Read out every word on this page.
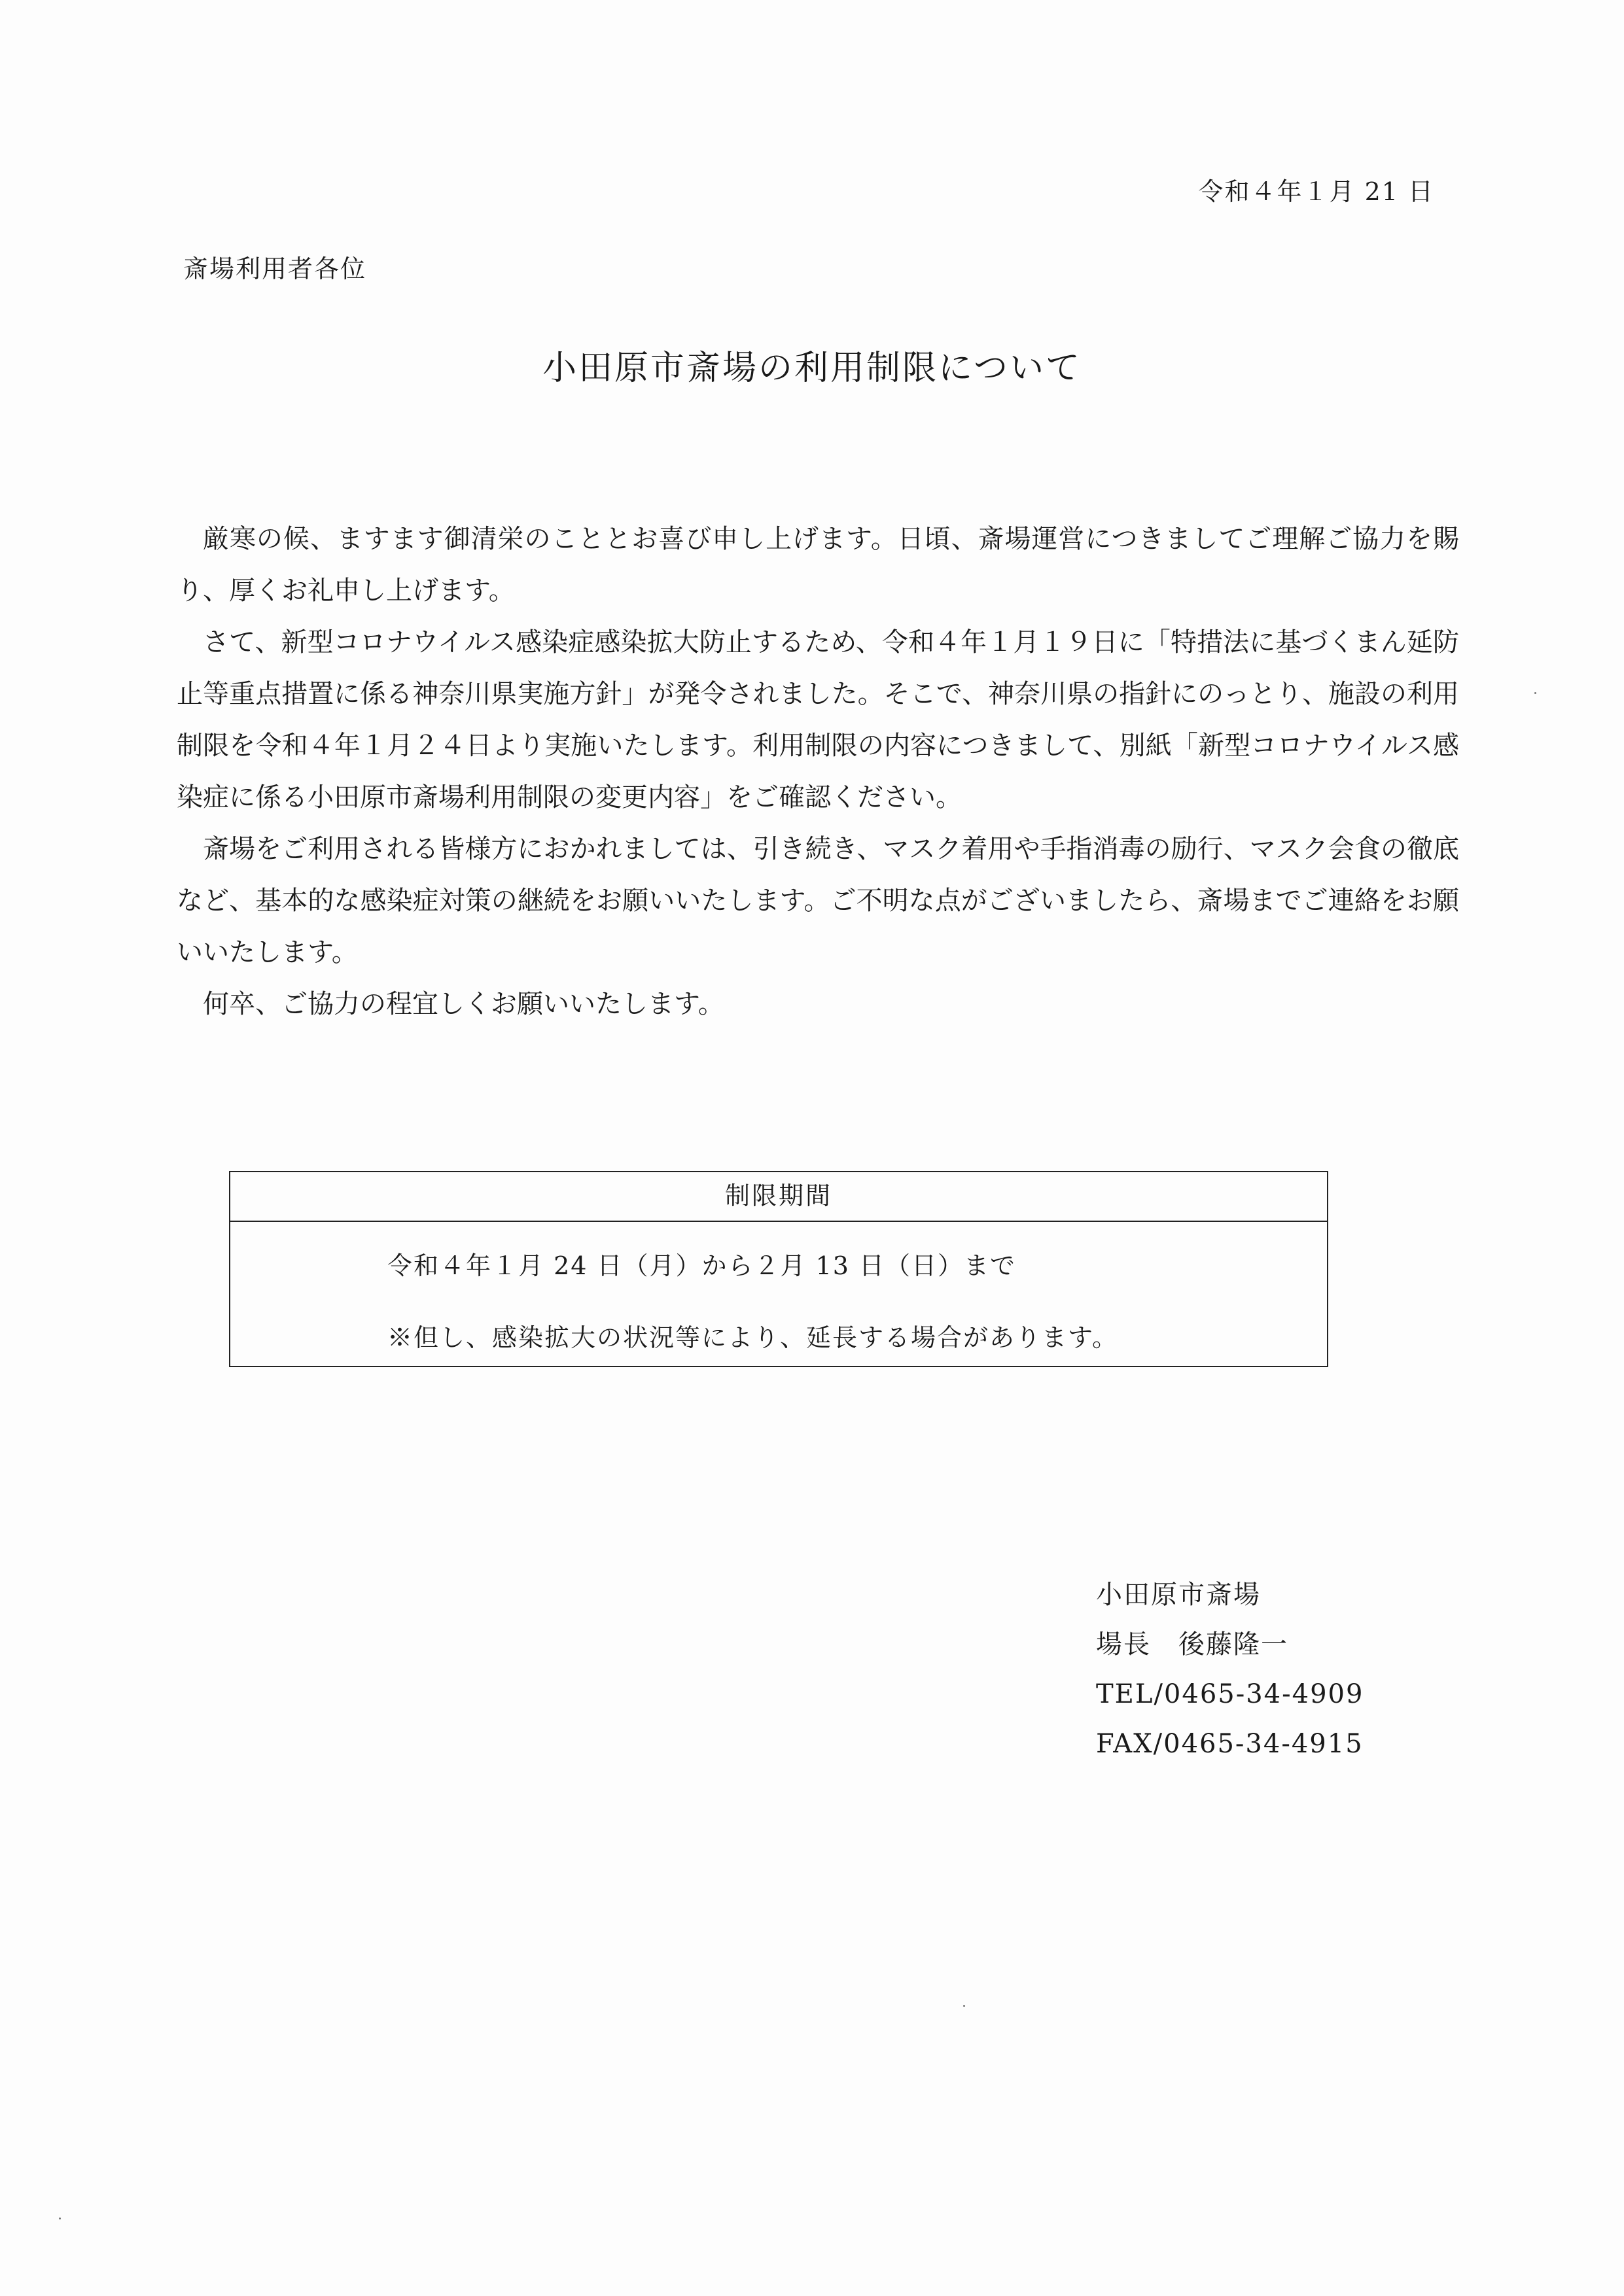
令和４年１月 21 日
斎場利用者各位
小田原市斎場の利用制限について

厳寒の候、ますます御清栄のこととお喜び申し上げます。日頃、斎場運営につきましてご理解ご協力を賜り、厚くお礼申し上げます。

さて、新型コロナウイルス感染症感染拡大防止するため、令和４年１月１９日に「特措法に基づくまん延防止等重点措置に係る神奈川県実施方針」が発令されました。そこで、神奈川県の指針にのっとり、施設の利用制限を令和４年１月２４日より実施いたします。利用制限の内容につきまして、別紙「新型コロナウイルス感染症に係る小田原市斎場利用制限の変更内容」をご確認ください。

斎場をご利用される皆様方におかれましては、引き続き、マスク着用や手指消毒の励行、マスク会食の徹底など、基本的な感染症対策の継続をお願いいたします。ご不明な点がございましたら、斎場までご連絡をお願いいたします。

何卒、ご協力の程宜しくお願いいたします。

制限期間
令和４年１月 24 日（月）から２月 13 日（日）まで
※但し、感染拡大の状況等により、延長する場合があります。
小田原市斎場
場長　後藤隆一
TEL/0465-34-4909
FAX/0465-34-4915
